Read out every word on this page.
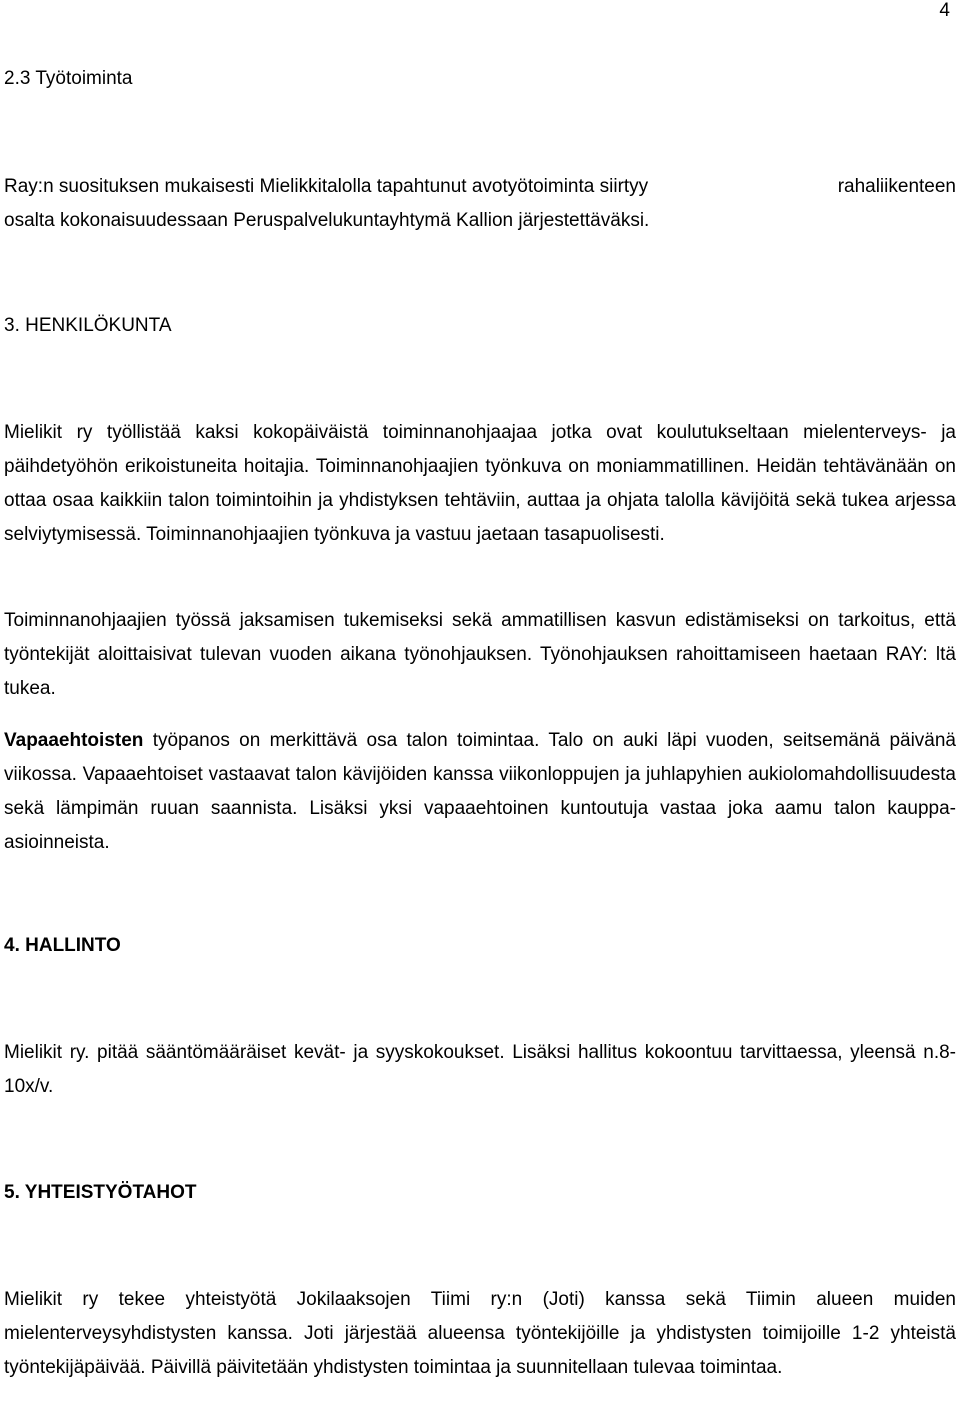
4
2.3 Työtoiminta
Ray:n suosituksen mukaisesti Mielikkitalolla tapahtunut avotyötoiminta siirtyy	rahaliikenteen
osalta kokonaisuudessaan Peruspalvelukuntayhtymä Kallion järjestettäväksi.
3. HENKILÖKUNTA
Mielikit ry työllistää kaksi kokopäiväistä toiminnanohjaajaa jotka ovat koulutukseltaan mielenterveys- ja päihdetyöhön erikoistuneita hoitajia. Toiminnanohjaajien työnkuva on moniammatillinen. Heidän tehtävänään on ottaa osaa kaikkiin talon toimintoihin ja yhdistyksen tehtäviin, auttaa ja ohjata talolla kävijöitä sekä tukea arjessa selviytymisessä. Toiminnanohjaajien työnkuva ja vastuu jaetaan tasapuolisesti.
Toiminnanohjaajien työssä jaksamisen tukemiseksi sekä ammatillisen kasvun edistämiseksi on tarkoitus, että työntekijät aloittaisivat tulevan vuoden aikana työnohjauksen. Työnohjauksen rahoittamiseen haetaan RAY: ltä tukea.
Vapaaehtoisten työpanos on merkittävä osa talon toimintaa. Talo on auki läpi vuoden, seitsemänä päivänä viikossa. Vapaaehtoiset vastaavat talon kävijöiden kanssa viikonloppujen ja juhlapyhien aukiolomahdollisuudesta sekä lämpimän ruuan saannista. Lisäksi yksi vapaaehtoinen kuntoutuja vastaa joka aamu talon kauppa-asioinneista.
4. HALLINTO
Mielikit ry. pitää sääntömääräiset kevät- ja syyskokoukset. Lisäksi hallitus kokoontuu tarvittaessa, yleensä n.8-10x/v.
5. YHTEISTYÖTAHOT
Mielikit ry tekee yhteistyötä Jokilaaksojen Tiimi ry:n (Joti) kanssa sekä Tiimin alueen muiden mielenterveysyhdistysten kanssa. Joti järjestää alueensa työntekijöille ja yhdistysten toimijoille 1-2 yhteistä työntekijäpäivää. Päivillä päivitetään yhdistysten toimintaa ja suunnitellaan tulevaa toimintaa.
